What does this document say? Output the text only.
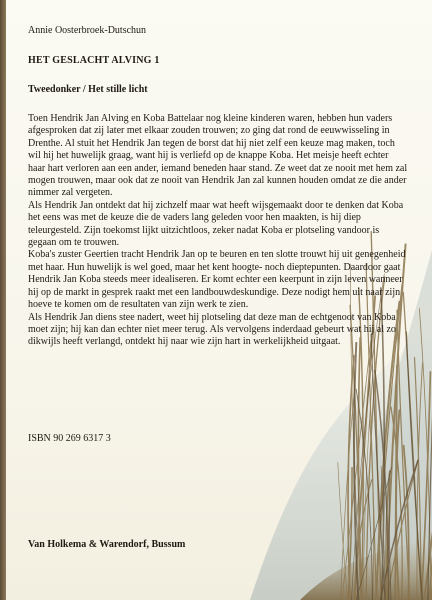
Annie Oosterbroek-Dutschun
HET GESLACHT ALVING 1
Tweedonker / Het stille licht

Toen Hendrik Jan Alving en Koba Battelaar nog kleine kinderen waren, hebben hun vaders afgesproken dat zij later met elkaar zouden trouwen; zo ging dat rond de eeuwwisseling in Drenthe. Al stuit het Hendrik Jan tegen de borst dat hij niet zelf een keuze mag maken, toch wil hij het huwelijk graag, want hij is verliefd op de knappe Koba. Het meisje heeft echter haar hart verloren aan een ander, iemand beneden haar stand. Ze weet dat ze nooit met hem zal mogen trouwen, maar ook dat ze nooit van Hendrik Jan zal kunnen houden omdat ze die ander nimmer zal vergeten.

Als Hendrik Jan ontdekt dat hij zichzelf maar wat heeft wijsgemaakt door te denken dat Koba het eens was met de keuze die de vaders lang geleden voor hen maakten, is hij diep teleurgesteld. Zijn toekomst lijkt uitzichtloos, zeker nadat Koba er plotseling vandoor is gegaan om te trouwen.

Koba's zuster Geertien tracht Hendrik Jan op te beuren en ten slotte trouwt hij uit genegenheid met haar. Hun huwelijk is wel goed, maar het kent hoogte- noch dieptepunten. Daardoor gaat Hendrik Jan Koba steeds meer idealiseren. Er komt echter een keerpunt in zijn leven wanneer hij op de markt in gesprek raakt met een landbouwdeskundige. Deze nodigt hem uit naar zijn hoeve te komen om de resultaten van zijn werk te zien.

Als Hendrik Jan diens stee nadert, weet hij plotseling dat deze man de echtgenoot van Koba moet zijn; hij kan dan echter niet meer terug. Als vervolgens inderdaad gebeurt wat hij al zo dikwijls heeft verlangd, ontdekt hij naar wie zijn hart in werkelijkheid uitgaat.

ISBN 90 269 6317 3
Van Holkema & Warendorf, Bussum
